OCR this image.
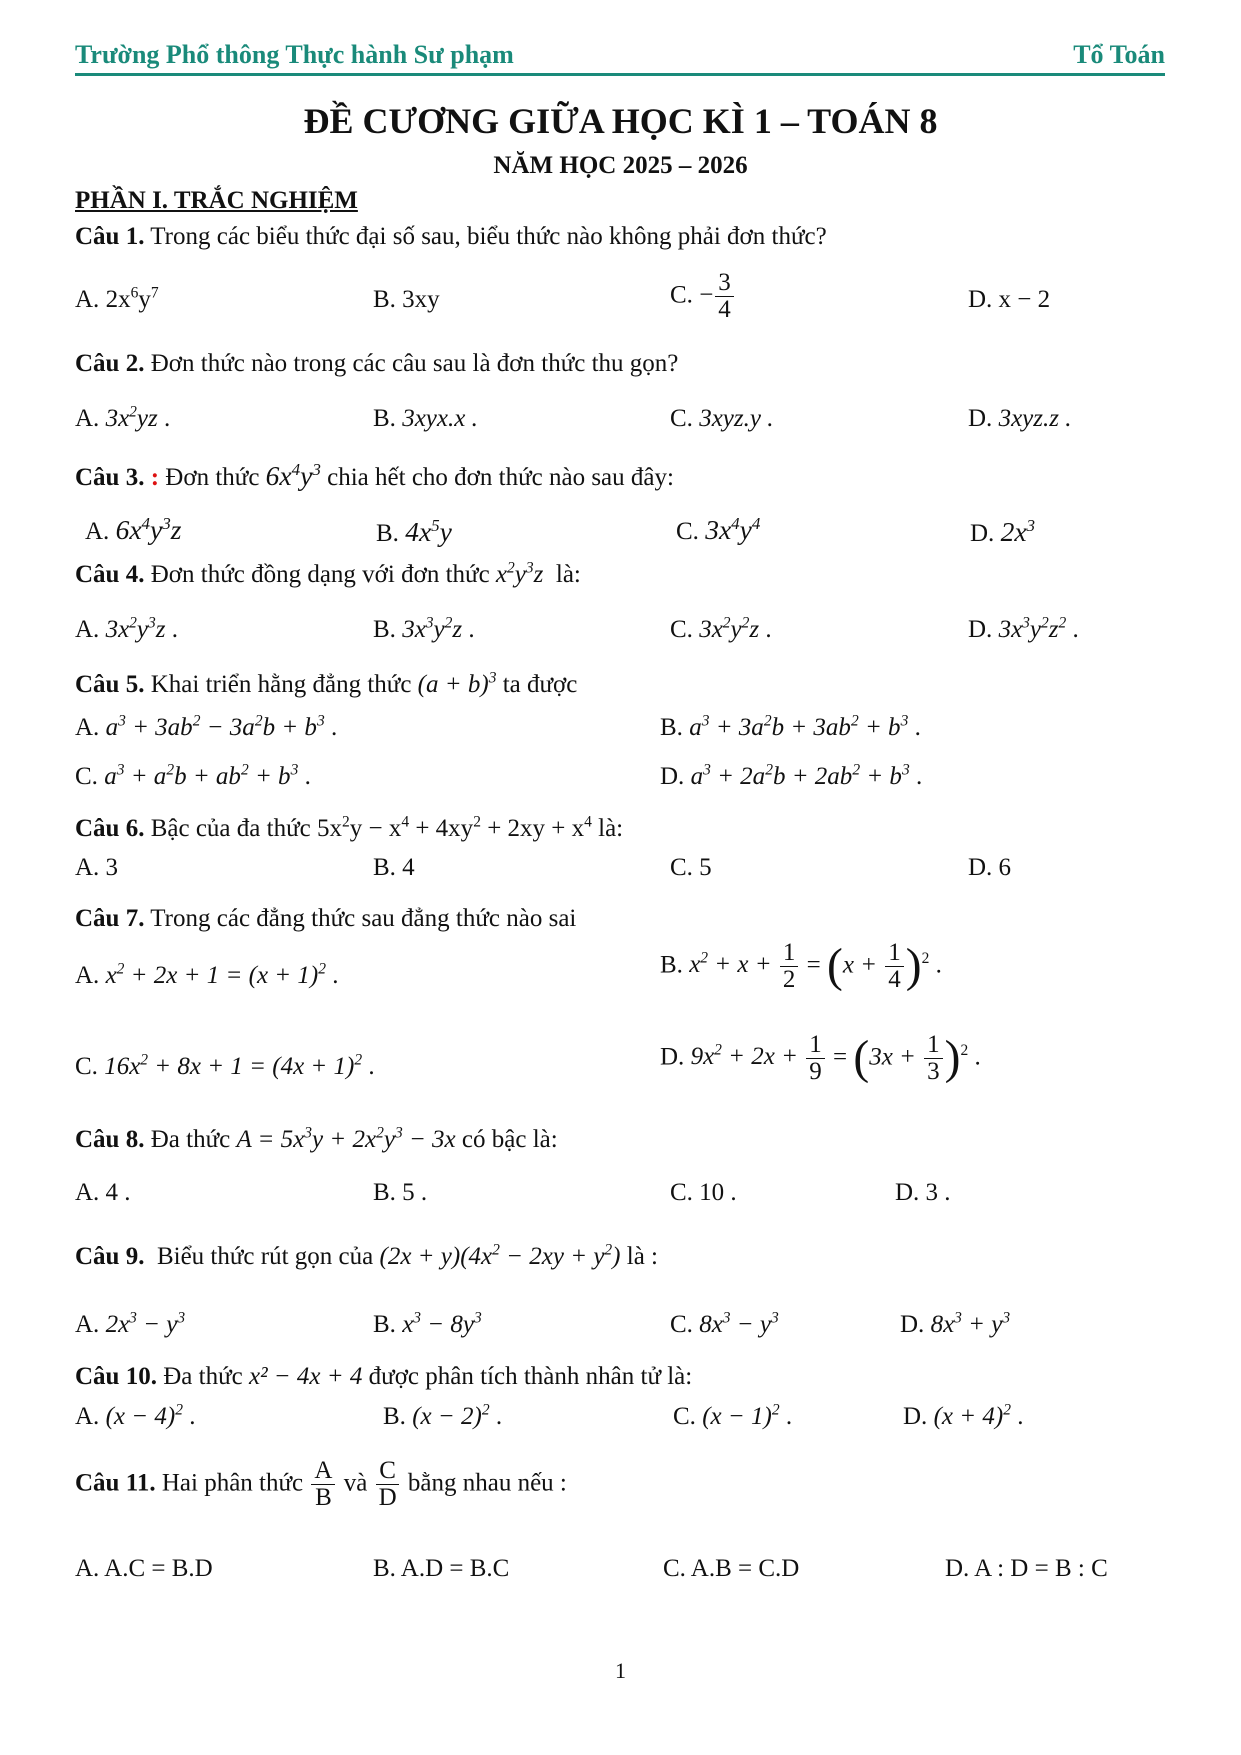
Trường Phổ thông Thực hành Sư phạm	Tổ Toán
ĐỀ CƯƠNG GIỮA HỌC KÌ 1 – TOÁN 8
NĂM HỌC 2025 – 2026
PHẦN I. TRẮC NGHIỆM
Câu 1. Trong các biểu thức đại số sau, biểu thức nào không phải đơn thức?
A. $2x^6y^7$	B. 3xy	C. − $\frac{3}{4}$	D. x − 2
Câu 2. Đơn thức nào trong các câu sau là đơn thức thu gọn?
A. $3x^2yz$ .	B. 3xyx.x .	C. 3xyz.y .	D. 3xyz.z .
Câu 3. : Đơn thức $6x^4y^3$ chia hết cho đơn thức nào sau đây:
A. $6x^4y^3z$	B. $4x^5y$	C. $3x^4y^4$	D. $2x^3$
Câu 4. Đơn thức đồng dạng với đơn thức $x^2y^3z$ là:
A. $3x^2y^3z$ .	B. $3x^3y^2z$ .	C. $3x^2y^2z$ .	D. $3x^3y^2z^2$ .
Câu 5. Khai triển hằng đẳng thức $(a + b)^3$ ta được
A. $a^3 + 3ab^2 - 3a^2b + b^3$ .	B. $a^3 + 3a^2b + 3ab^2 + b^3$ .
C. $a^3 + a^2b + ab^2 + b^3$ .	D. $a^3 + 2a^2b + 2ab^2 + b^3$ .
Câu 6. Bậc của đa thức $5x^2y - x^4 + 4xy^2 + 2xy + x^4$ là:
A. 3	B. 4	C. 5	D. 6
Câu 7. Trong các đẳng thức sau đẳng thức nào sai
A. $x^2 + 2x + 1 = (x + 1)^2$ .	B. $x^2 + x + \frac{1}{2} = (x + \frac{1}{4} )^2$ .
C. $16x^2 + 8x + 1 = (4x + 1)^2$ .	D. $9x^2 + 2x + \frac{1}{9} = (3x + \frac{1}{3} )^2$ .
Câu 8. Đa thức $A = 5x^3y + 2x^2y^3 - 3x$ có bậc là:
A. 4 .	B. 5 .	C. 10 .	D. 3 .
Câu 9. Biểu thức rút gọn của $(2x + y)(4x^2 - 2xy + y^2)$ là :
A. $2x^3 - y^3$	B. $x^3 - 8y^3$	C. $8x^3 - y^3$	D. $8x^3 + y^3$
Câu 10. Đa thức x² − 4x + 4 được phân tích thành nhân tử là:
A. $(x - 4)^2$ .	B. $(x - 2)^2$ .	C. $(x - 1)^2$ .	D. $(x + 4)^2$ .
Câu 11. Hai phân thức $\frac{A}{B}$ và $\frac{C}{D}$ bằng nhau nếu :
A. A.C = B.D	B. A.D = B.C	C. A.B = C.D	D. A : D = B : C
1
